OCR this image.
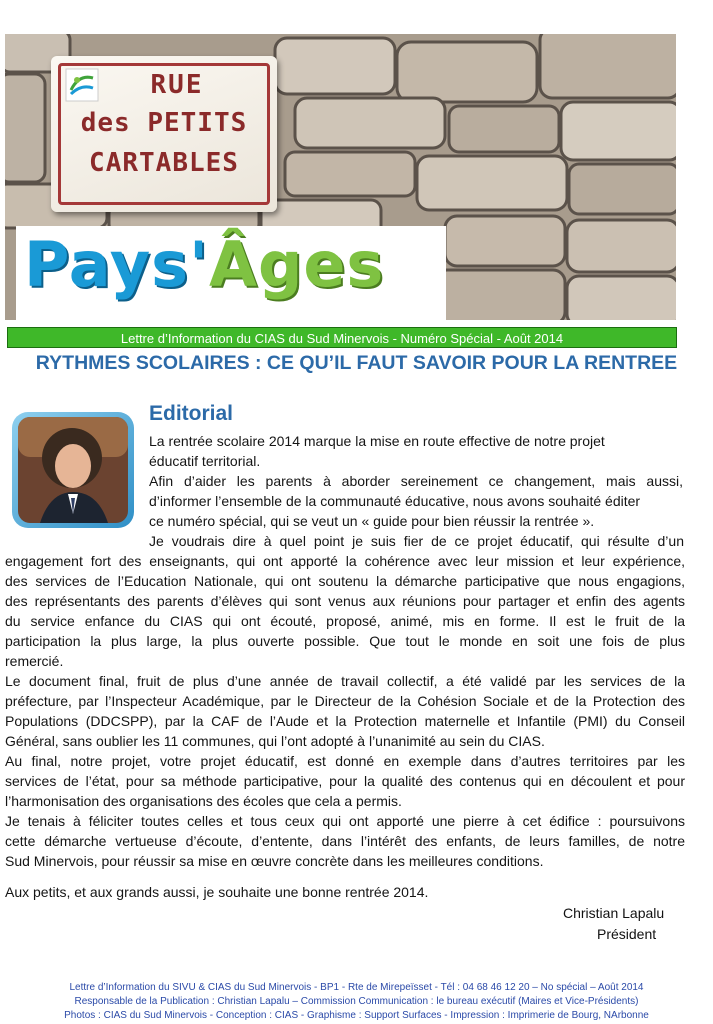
RUE
des PETITS
CARTABLES
Pays'Âges
Lettre d’Information du CIAS du Sud Minervois - Numéro Spécial - Août 2014
RYTHMES SCOLAIRES : CE QU’IL FAUT SAVOIR POUR LA RENTREE
Editorial
La rentrée scolaire 2014 marque la mise en route effective de notre projet
éducatif territorial.
Afin d’aider les parents à aborder sereinement ce changement, mais aussi,
d’informer l’ensemble de la communauté éducative, nous avons souhaité éditer
ce numéro spécial, qui se veut un « guide pour bien réussir la rentrée ».
Je voudrais dire à quel point je suis fier de ce projet éducatif, qui résulte d’un
engagement fort des enseignants, qui ont apporté la cohérence avec leur mission et leur expérience,
des services de l’Education Nationale, qui ont soutenu la démarche participative que nous engagions,
des représentants des parents d’élèves qui sont venus aux réunions pour partager et enfin des agents
du service enfance du CIAS qui ont écouté, proposé, animé, mis en forme. Il est le fruit de la
participation la plus large, la plus ouverte possible. Que tout le monde en soit une fois de plus
remercié.
Le document final, fruit de plus d’une année de travail collectif, a été validé par les services de la
préfecture, par l’Inspecteur Académique, par le Directeur de la Cohésion Sociale et de la Protection des
Populations (DDCSPP), par la CAF de l’Aude et la Protection maternelle et Infantile (PMI) du Conseil
Général, sans oublier les 11 communes, qui l’ont adopté à l’unanimité au sein du CIAS.
Au final, notre projet, votre projet éducatif, est donné en exemple dans d’autres territoires par les
services de l’état, pour sa méthode participative, pour la qualité des contenus qui en découlent et pour
l’harmonisation des organisations des écoles que cela a permis.
Je tenais à féliciter toutes celles et tous ceux qui ont apporté une pierre à cet édifice : poursuivons
cette démarche vertueuse d’écoute, d’entente, dans l’intérêt des enfants, de leurs familles, de notre
Sud Minervois, pour réussir sa mise en œuvre concrète dans les meilleures conditions.
Aux petits, et aux grands aussi, je souhaite une bonne rentrée 2014.
Christian Lapalu
Président
Lettre d’Information du SIVU & CIAS du Sud Minervois - BP1 - Rte de Mirepeïsset - Tél : 04 68 46 12 20 – No spécial – Août 2014
Responsable de la Publication : Christian Lapalu – Commission Communication : le bureau exécutif (Maires et Vice-Présidents)
Photos : CIAS du Sud Minervois - Conception : CIAS - Graphisme : Support Surfaces - Impression : Imprimerie de Bourg, NArbonne
